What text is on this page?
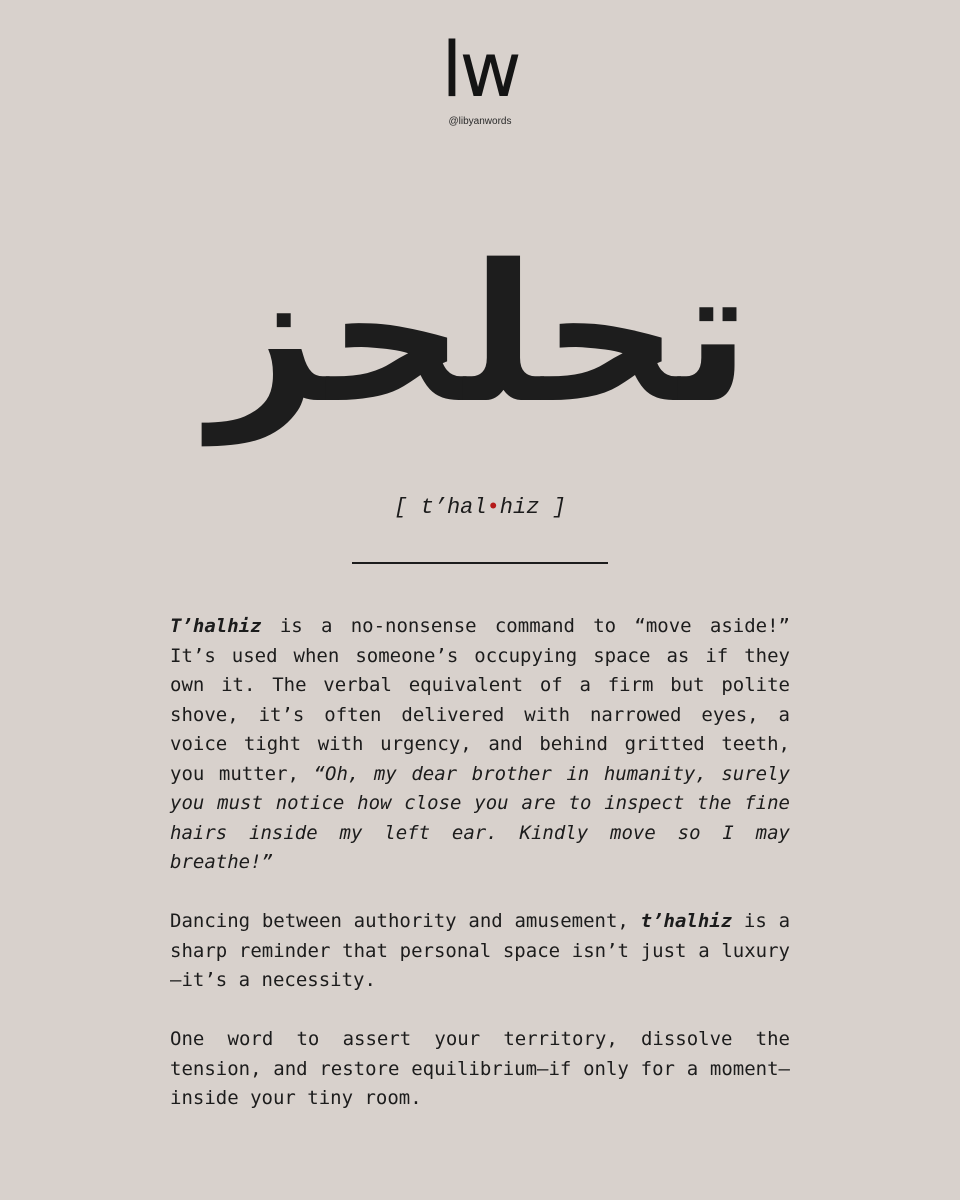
lw
@libyanwords
تحلحز
[ t’hal•hiz ]

T’halhiz is a no-nonsense command to “move aside!” It’s used when someone’s occupying space as if they own it. The verbal equivalent of a firm but polite shove, it’s often delivered with narrowed eyes, a voice tight with urgency, and behind gritted teeth, you mutter, “Oh, my dear brother in humanity, surely you must notice how close you are to inspect the fine hairs inside my left ear. Kindly move so I may breathe!”

Dancing between authority and amusement, t’halhiz is a sharp reminder that personal space isn’t just a luxury—it’s a necessity.

One word to assert your territory, dissolve the tension, and restore equilibrium—if only for a moment—inside your tiny room.
